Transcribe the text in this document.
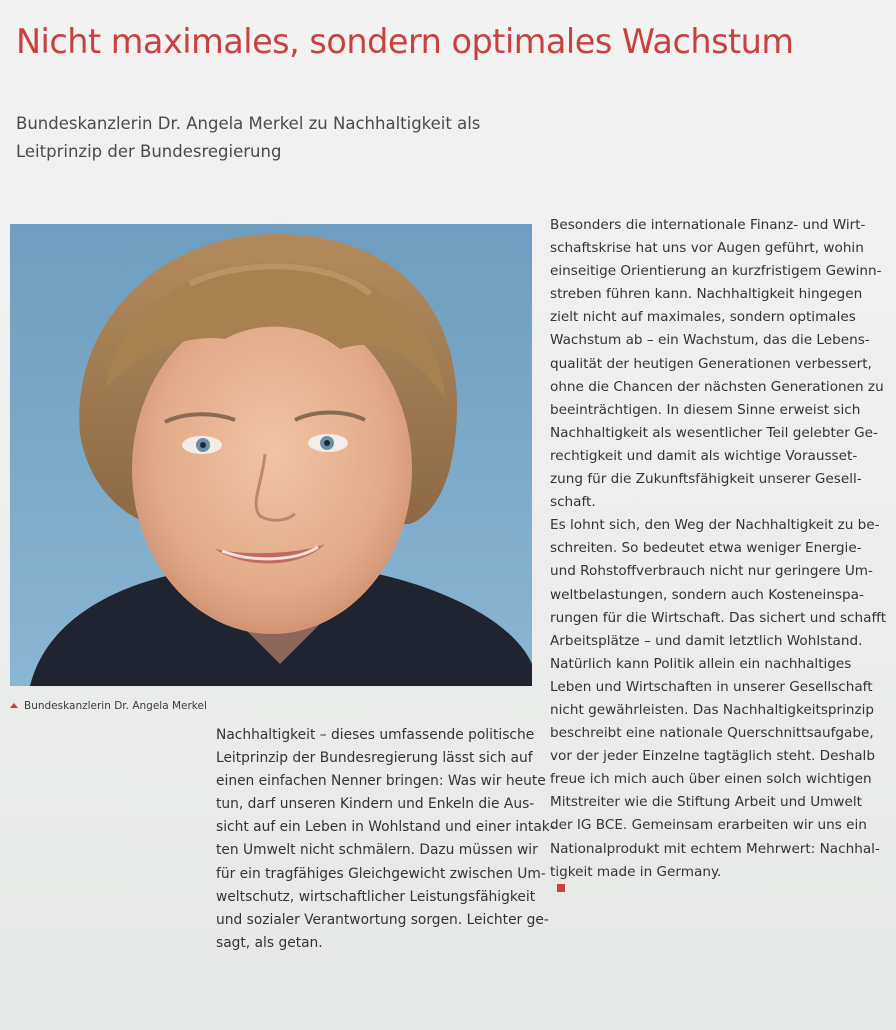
Nicht maximales, sondern optimales Wachstum
Bundeskanzlerin Dr. Angela Merkel zu Nachhaltigkeit als
Leitprinzip der Bundesregierung
Bundeskanzlerin Dr. Angela Merkel
Nachhaltigkeit – dieses umfassende politische
Leitprinzip der Bundesregierung lässt sich auf
einen einfachen Nenner bringen: Was wir heute
tun, darf unseren Kindern und Enkeln die Aus-
sicht auf ein Leben in Wohlstand und einer intak-
ten Umwelt nicht schmälern. Dazu müssen wir
für ein tragfähiges Gleichgewicht zwischen Um-
weltschutz, wirtschaftlicher Leistungsfähigkeit
und sozialer Verantwortung sorgen. Leichter ge-
sagt, als getan.
Besonders die internationale Finanz- und Wirt-
schaftskrise hat uns vor Augen geführt, wohin
einseitige Orientierung an kurzfristigem Gewinn-
streben führen kann. Nachhaltigkeit hingegen
zielt nicht auf maximales, sondern optimales
Wachstum ab – ein Wachstum, das die Lebens-
qualität der heutigen Generationen verbessert,
ohne die Chancen der nächsten Generationen zu
beeinträchtigen. In diesem Sinne erweist sich
Nachhaltigkeit als wesentlicher Teil gelebter Ge-
rechtigkeit und damit als wichtige Vorausset-
zung für die Zukunftsfähigkeit unserer Gesell-
schaft.
Es lohnt sich, den Weg der Nachhaltigkeit zu be-
schreiten. So bedeutet etwa weniger Energie-
und Rohstoffverbrauch nicht nur geringere Um-
weltbelastungen, sondern auch Kosteneinspa-
rungen für die Wirtschaft. Das sichert und schafft
Arbeitsplätze – und damit letztlich Wohlstand.
Natürlich kann Politik allein ein nachhaltiges
Leben und Wirtschaften in unserer Gesellschaft
nicht gewährleisten. Das Nachhaltigkeitsprinzip
beschreibt eine nationale Querschnittsaufgabe,
vor der jeder Einzelne tagtäglich steht. Deshalb
freue ich mich auch über einen solch wichtigen
Mitstreiter wie die Stiftung Arbeit und Umwelt
der IG BCE. Gemeinsam erarbeiten wir uns ein
Nationalprodukt mit echtem Mehrwert: Nachhal-
tigkeit made in Germany.
